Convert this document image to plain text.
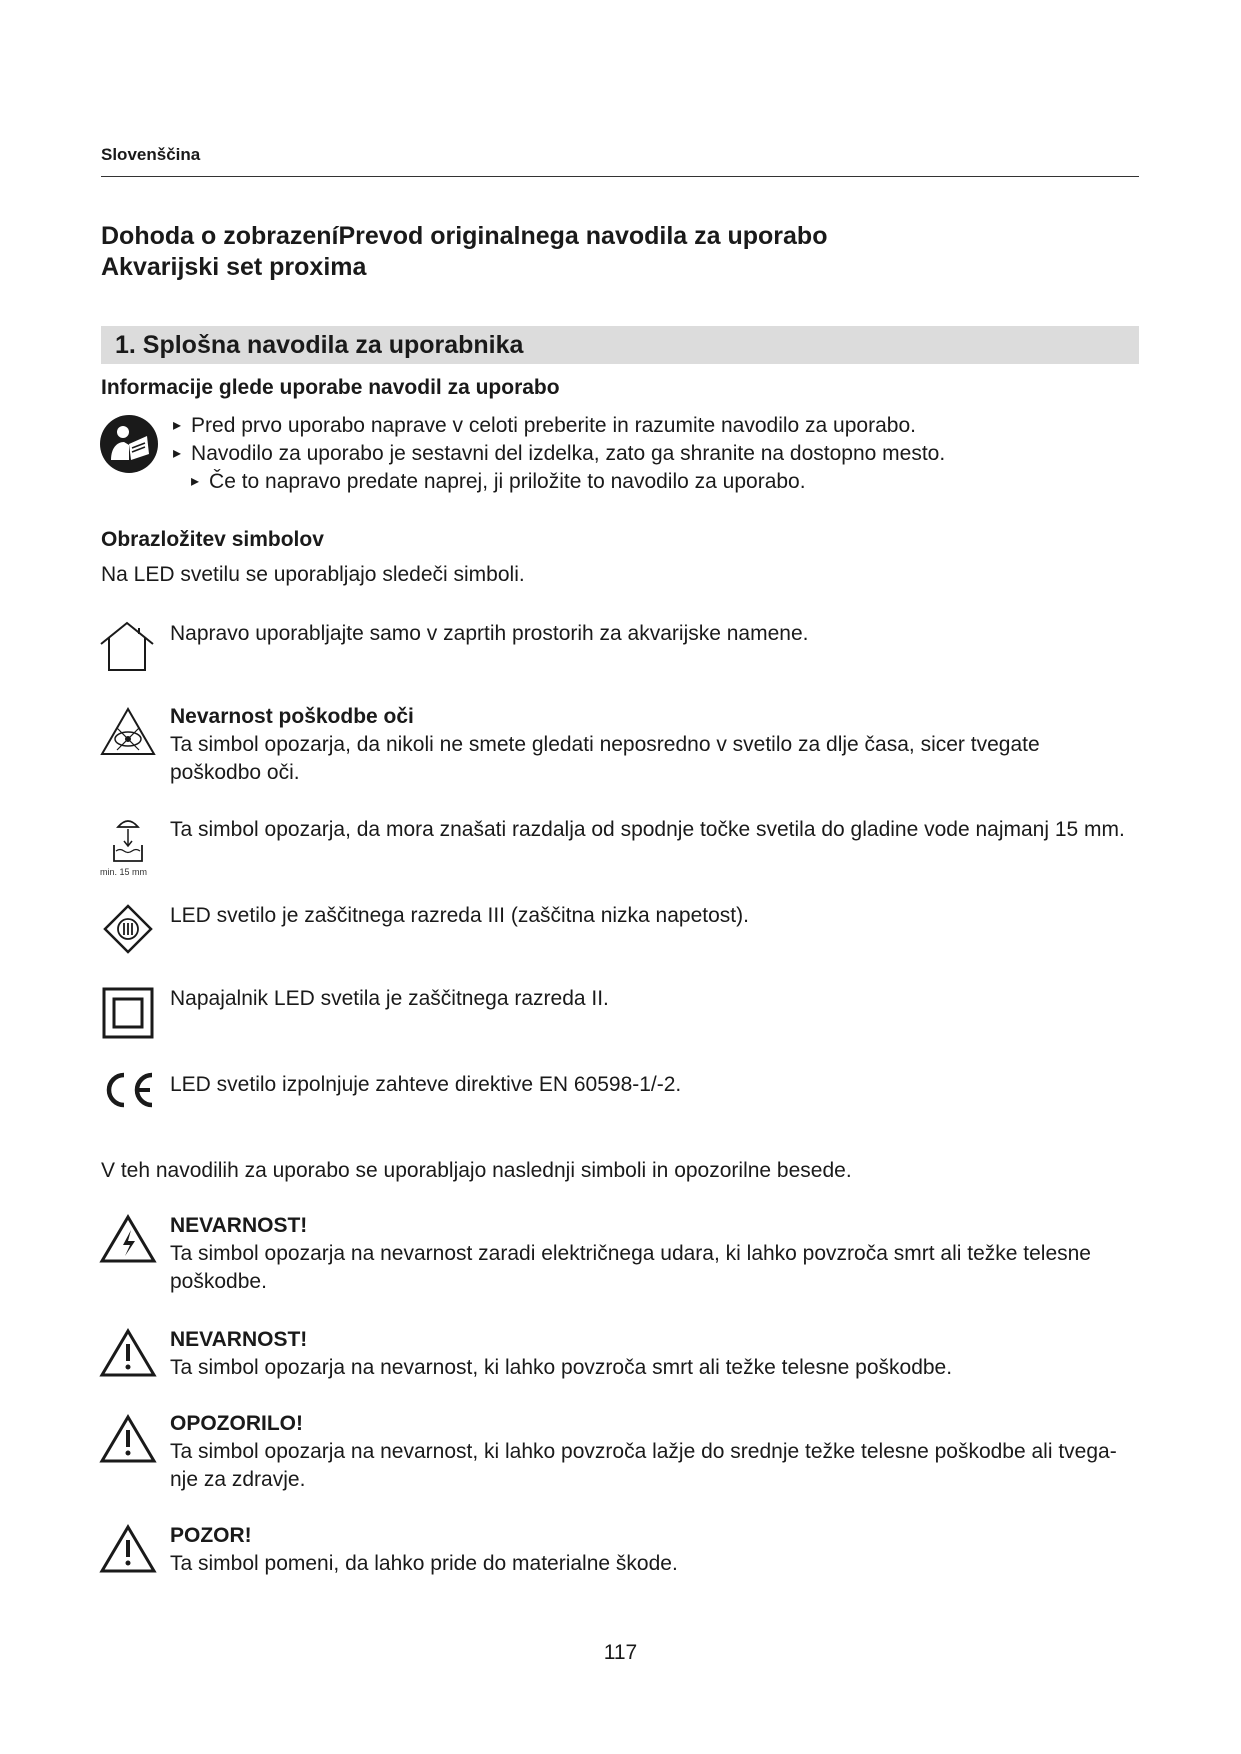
Slovenščina
Dohoda o zobrazeníPrevod originalnega navodila za uporabo
Akvarijski set proxima
1. Splošna navodila za uporabnika
Informacije glede uporabe navodil za uporabo
▸ Pred prvo uporabo naprave v celoti preberite in razumite navodilo za uporabo.
▸ Navodilo za uporabo je sestavni del izdelka, zato ga shranite na dostopno mesto.
▸ Če to napravo predate naprej, ji priložite to navodilo za uporabo.
Obrazložitev simbolov
Na LED svetilu se uporabljajo sledeči simboli.
Napravo uporabljajte samo v zaprtih prostorih za akvarijske namene.
Nevarnost poškodbe oči
Ta simbol opozarja, da nikoli ne smete gledati neposredno v svetilo za dlje časa, sicer tvegate
poškodbo oči.
min. 15 mm
Ta simbol opozarja, da mora znašati razdalja od spodnje točke svetila do gladine vode najmanj 15 mm.
LED svetilo je zaščitnega razreda III (zaščitna nizka napetost).
Napajalnik LED svetila je zaščitnega razreda II.
LED svetilo izpolnjuje zahteve direktive EN 60598-1/-2.
V teh navodilih za uporabo se uporabljajo naslednji simboli in opozorilne besede.
NEVARNOST!
Ta simbol opozarja na nevarnost zaradi električnega udara, ki lahko povzroča smrt ali težke telesne
poškodbe.
NEVARNOST!
Ta simbol opozarja na nevarnost, ki lahko povzroča smrt ali težke telesne poškodbe.
OPOZORILO!
Ta simbol opozarja na nevarnost, ki lahko povzroča lažje do srednje težke telesne poškodbe ali tvega-
nje za zdravje.
POZOR!
Ta simbol pomeni, da lahko pride do materialne škode.
117
